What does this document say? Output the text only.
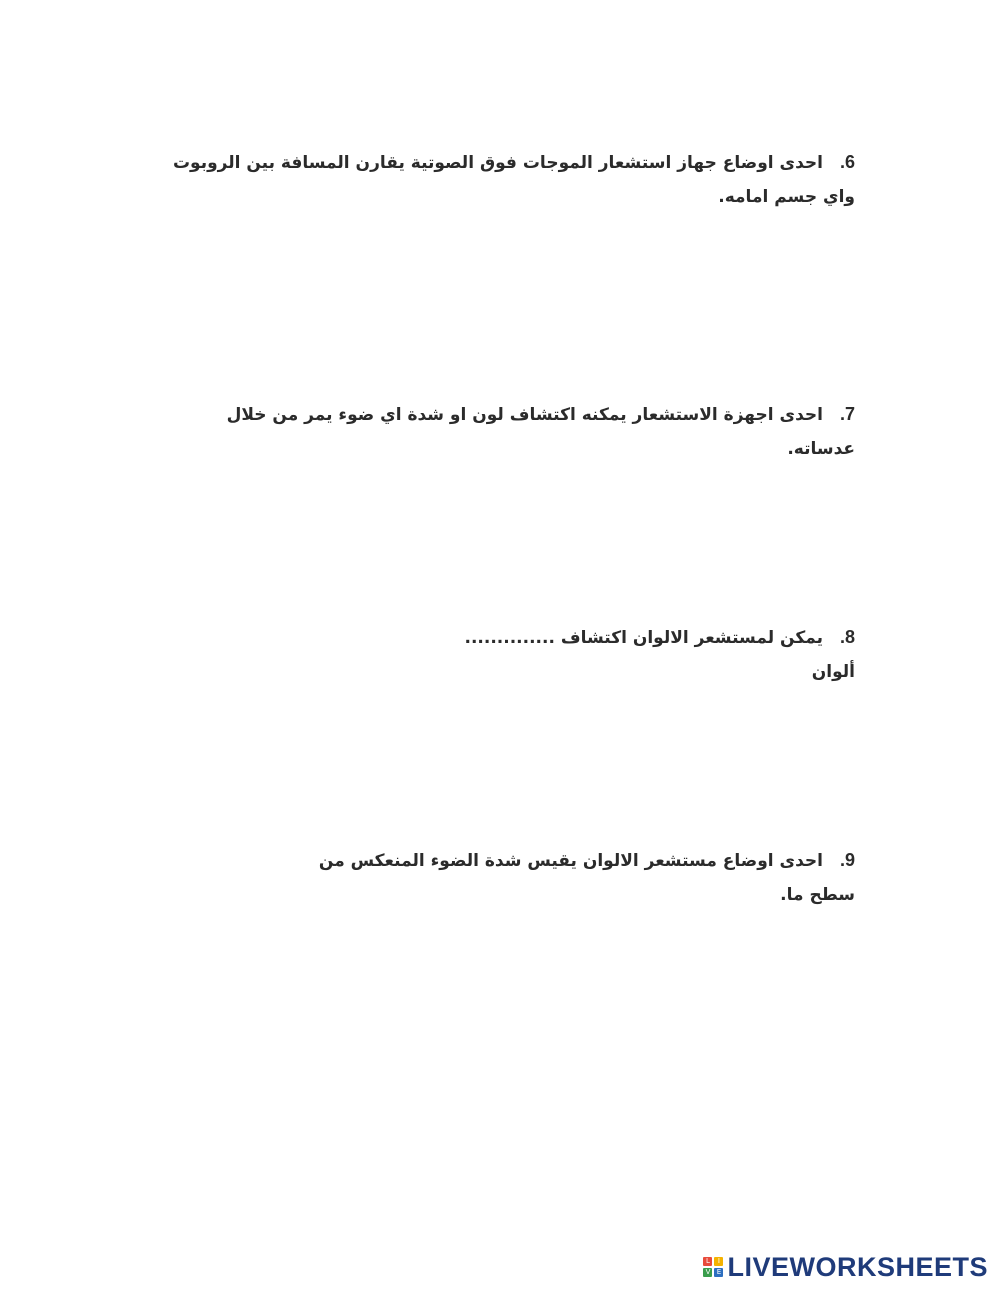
6.احدى اوضاع جهاز استشعار الموجات فوق الصوتية يقارن المسافة بين الروبوت واي جسم امامه.
7.احدى اجهزة الاستشعار يمكنه اكتشاف لون او شدة اي ضوء يمر من خلال عدساته.
8.يمكن لمستشعر الالوان اكتشاف .............. ألوان
9.احدى اوضاع مستشعر الالوان يقيس شدة الضوء المنعكس من سطح ما.
L	I
V E LIVEWORKSHEETS
